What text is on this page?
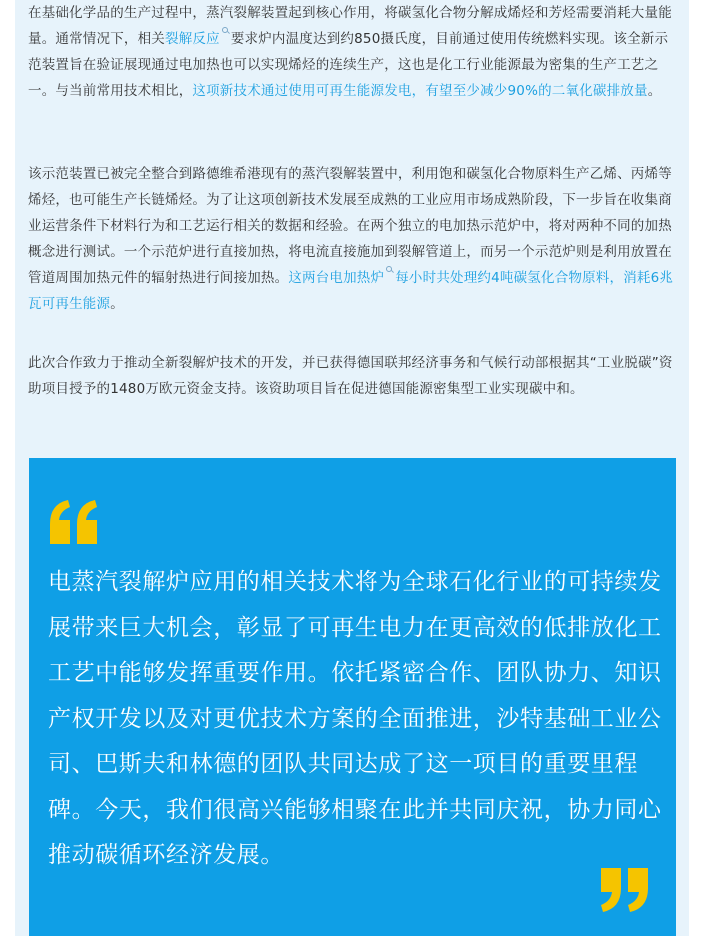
在基础化学品的生产过程中，蒸汽裂解装置起到核心作用，将碳氢化合物分解成烯烃和芳烃需要消耗大量能量。通常情况下，相关裂解反应 要求炉内温度达到约850摄氏度，目前通过使用传统燃料实现。该全新示范装置旨在验证展现通过电加热也可以实现烯烃的连续生产，这也是化工行业能源最为密集的生产工艺之一。与当前常用技术相比，这项新技术通过使用可再生能源发电，有望至少减少90%的二氧化碳排放量。

该示范装置已被完全整合到路德维希港现有的蒸汽裂解装置中，利用饱和碳氢化合物原料生产乙烯、丙烯等烯烃，也可能生产长链烯烃。为了让这项创新技术发展至成熟的工业应用市场成熟阶段，下一步旨在收集商业运营条件下材料行为和工艺运行相关的数据和经验。在两个独立的电加热示范炉中，将对两种不同的加热概念进行测试。一个示范炉进行直接加热，将电流直接施加到裂解管道上，而另一个示范炉则是利用放置在管道周围加热元件的辐射热进行间接加热。这两台电加热炉 每小时共处理约4吨碳氢化合物原料，消耗6兆瓦可再生能源。

此次合作致力于推动全新裂解炉技术的开发，并已获得德国联邦经济事务和气候行动部根据其“工业脱碳”资助项目授予的1480万欧元资金支持。该资助项目旨在促进德国能源密集型工业实现碳中和。

电蒸汽裂解炉应用的相关技术将为全球石化行业的可持续发展带来巨大机会，彰显了可再生电力在更高效的低排放化工工艺中能够发挥重要作用。依托紧密合作、团队协力、知识产权开发以及对更优技术方案的全面推进，沙特基础工业公司、巴斯夫和林德的团队共同达成了这一项目的重要里程碑。今天，我们很高兴能够相聚在此并共同庆祝，协力同心推动碳循环经济发展。
